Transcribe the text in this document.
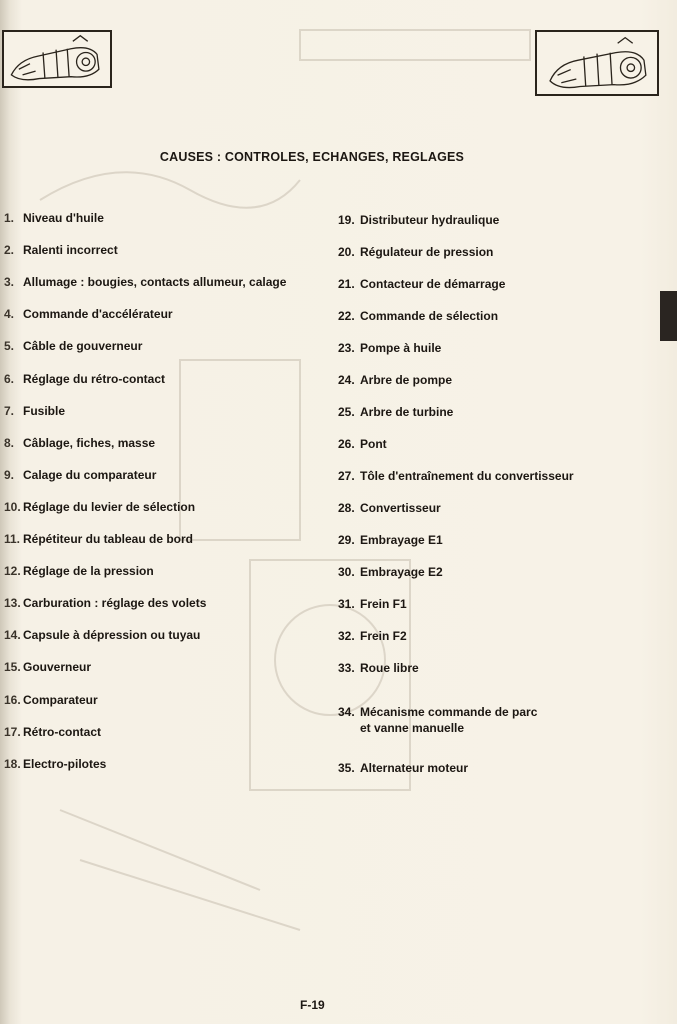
CAUSES : CONTROLES, ECHANGES, REGLAGES
1. Niveau d'huile
2. Ralenti incorrect
3. Allumage : bougies, contacts allumeur, calage
4. Commande d'accélérateur
5. Câble de gouverneur
6. Réglage du rétro-contact
7. Fusible
8. Câblage, fiches, masse
9. Calage du comparateur
10. Réglage du levier de sélection
11. Répétiteur du tableau de bord
12. Réglage de la pression
13. Carburation : réglage des volets
14. Capsule à dépression ou tuyau
15. Gouverneur
16. Comparateur
17. Rétro-contact
18. Electro-pilotes
19. Distributeur hydraulique
20. Régulateur de pression
21. Contacteur de démarrage
22. Commande de sélection
23. Pompe à huile
24. Arbre de pompe
25. Arbre de turbine
26. Pont
27. Tôle d'entraînement du convertisseur
28. Convertisseur
29. Embrayage E1
30. Embrayage E2
31. Frein F1
32. Frein F2
33. Roue libre
34. Mécanisme commande de parc
et vanne manuelle
35. Alternateur moteur
F-19
